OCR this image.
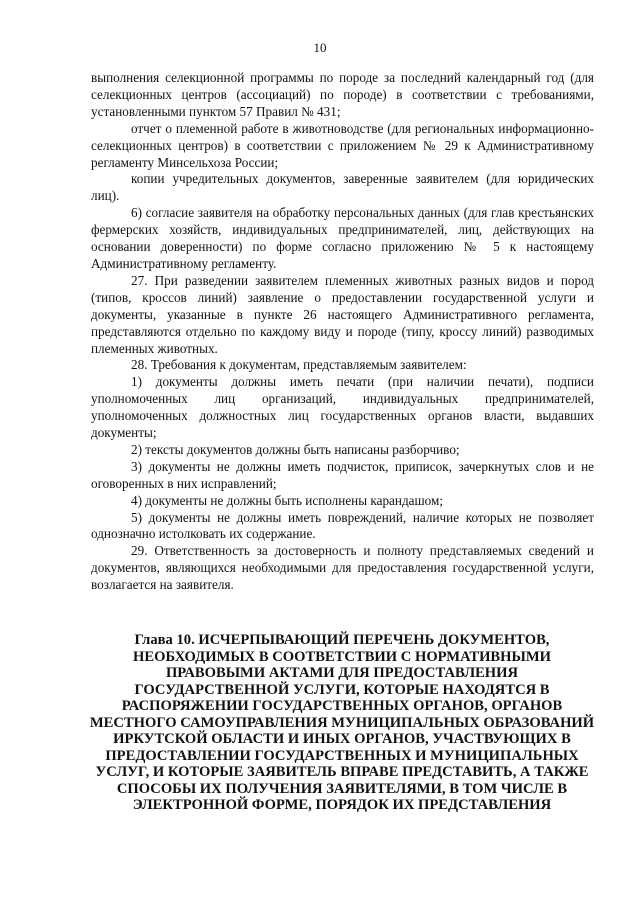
10

выполнения селекционной программы по породе за последний календарный год (для селекционных центров (ассоциаций) по породе) в соответствии с требованиями, установленными пунктом 57 Правил № 431;

отчет о племенной работе в животноводстве (для региональных информационно-селекционных центров) в соответствии с приложением № 29 к Административному регламенту Минсельхоза России;

копии учредительных документов, заверенные заявителем (для юридических лиц).

6) согласие заявителя на обработку персональных данных (для глав крестьянских фермерских хозяйств, индивидуальных предпринимателей, лиц, действующих на основании доверенности) по форме согласно приложению № 5 к настоящему Административному регламенту.

27. При разведении заявителем племенных животных разных видов и пород (типов, кроссов линий) заявление о предоставлении государственной услуги и документы, указанные в пункте 26 настоящего Административного регламента, представляются отдельно по каждому виду и породе (типу, кроссу линий) разводимых племенных животных.

28. Требования к документам, представляемым заявителем:

1) документы должны иметь печати (при наличии печати), подписи уполномоченных лиц организаций, индивидуальных предпринимателей, уполномоченных должностных лиц государственных органов власти, выдавших документы;

2) тексты документов должны быть написаны разборчиво;

3) документы не должны иметь подчисток, приписок, зачеркнутых слов и не оговоренных в них исправлений;

4) документы не должны быть исполнены карандашом;

5) документы не должны иметь повреждений, наличие которых не позволяет однозначно истолковать их содержание.

29. Ответственность за достоверность и полноту представляемых сведений и документов, являющихся необходимыми для предоставления государственной услуги, возлагается на заявителя.

Глава 10. ИСЧЕРПЫВАЮЩИЙ ПЕРЕЧЕНЬ ДОКУМЕНТОВ, НЕОБХОДИМЫХ В СООТВЕТСТВИИ С НОРМАТИВНЫМИ ПРАВОВЫМИ АКТАМИ ДЛЯ ПРЕДОСТАВЛЕНИЯ ГОСУДАРСТВЕННОЙ УСЛУГИ, КОТОРЫЕ НАХОДЯТСЯ В РАСПОРЯЖЕНИИ ГОСУДАРСТВЕННЫХ ОРГАНОВ, ОРГАНОВ МЕСТНОГО САМОУПРАВЛЕНИЯ МУНИЦИПАЛЬНЫХ ОБРАЗОВАНИЙ ИРКУТСКОЙ ОБЛАСТИ И ИНЫХ ОРГАНОВ, УЧАСТВУЮЩИХ В ПРЕДОСТАВЛЕНИИ ГОСУДАРСТВЕННЫХ И МУНИЦИПАЛЬНЫХ УСЛУГ, И КОТОРЫЕ ЗАЯВИТЕЛЬ ВПРАВЕ ПРЕДСТАВИТЬ, А ТАКЖЕ СПОСОБЫ ИХ ПОЛУЧЕНИЯ ЗАЯВИТЕЛЯМИ, В ТОМ ЧИСЛЕ В ЭЛЕКТРОННОЙ ФОРМЕ, ПОРЯДОК ИХ ПРЕДСТАВЛЕНИЯ
